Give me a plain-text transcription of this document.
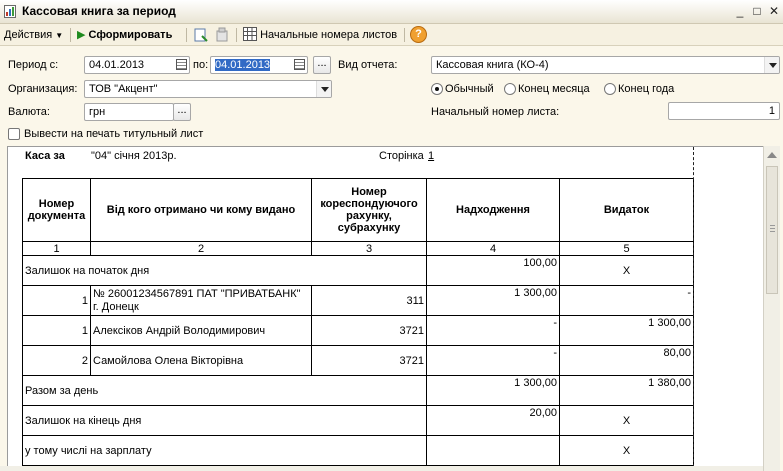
Кассовая книга за период	_ □ ✕
Действия ▼ ▶ Сформировать	Начальные номера листов	?
Период с:	04.01.2013	по: 04.01.2013	...	Вид отчета:	Кассовая книга (КО-4)
Организация:	ТОВ "Акцент"	Обычный Конец месяца	Конец года
Валюта:	грн	...	Начальный номер листа:	1
Вывести на печать титульный лист
Каса за "04" січня 2013р.	Сторінка 1
Номер документа	Від кого отримано чи кому видано	Номер кореспондуючого рахунку, субрахунку	Надходження	Видаток
1	2	3	4	5
Залишок на початок дня			100,00	Х
1	№ 26001234567891 ПАТ "ПРИВАТБАНК" г. Донецк	311	1 300,00	-
1	Алексіков Андрій Володимирович	3721	-	1 300,00
2	Самойлова Олена Вікторівна	3721	-	80,00
Разом за день			1 300,00	1 380,00
Залишок на кінець дня			20,00	Х
у тому числі на зарплату				Х
